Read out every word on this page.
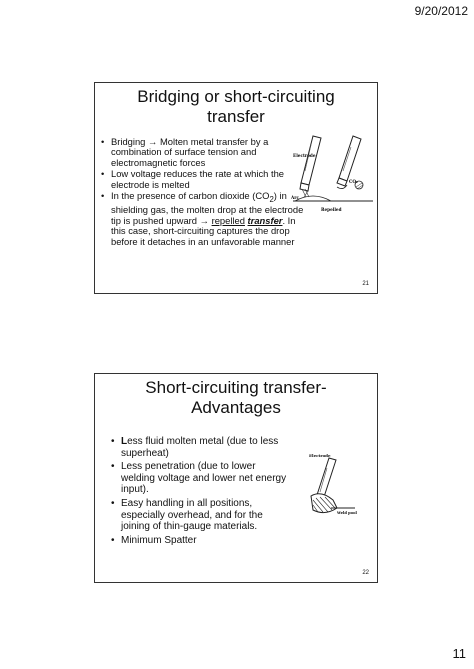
9/20/2012
Bridging or short-circuiting
transfer
• Bridging → Molten metal transfer by a combination of surface tension and electromagnetic forces
• Low voltage reduces the rate at which the electrode is melted
• In the presence of carbon dioxide $(CO_2)$ in shielding gas, the molten drop at the electrode tip is pushed upward → repelled transfer. In this case, short-circuiting captures the drop before it detaches in an unfavorable manner
Electrode
Arc
CO₂
Repelled
21
Short-circuiting transfer-
Advantages
• Less fluid molten metal (due to less superheat)
• Less penetration (due to lower welding voltage and lower net energy input).
• Easy handling in all positions, especially overhead, and for the joining of thin-gauge materials.
• Minimum Spatter
Electrode
Weld pool
22
11
